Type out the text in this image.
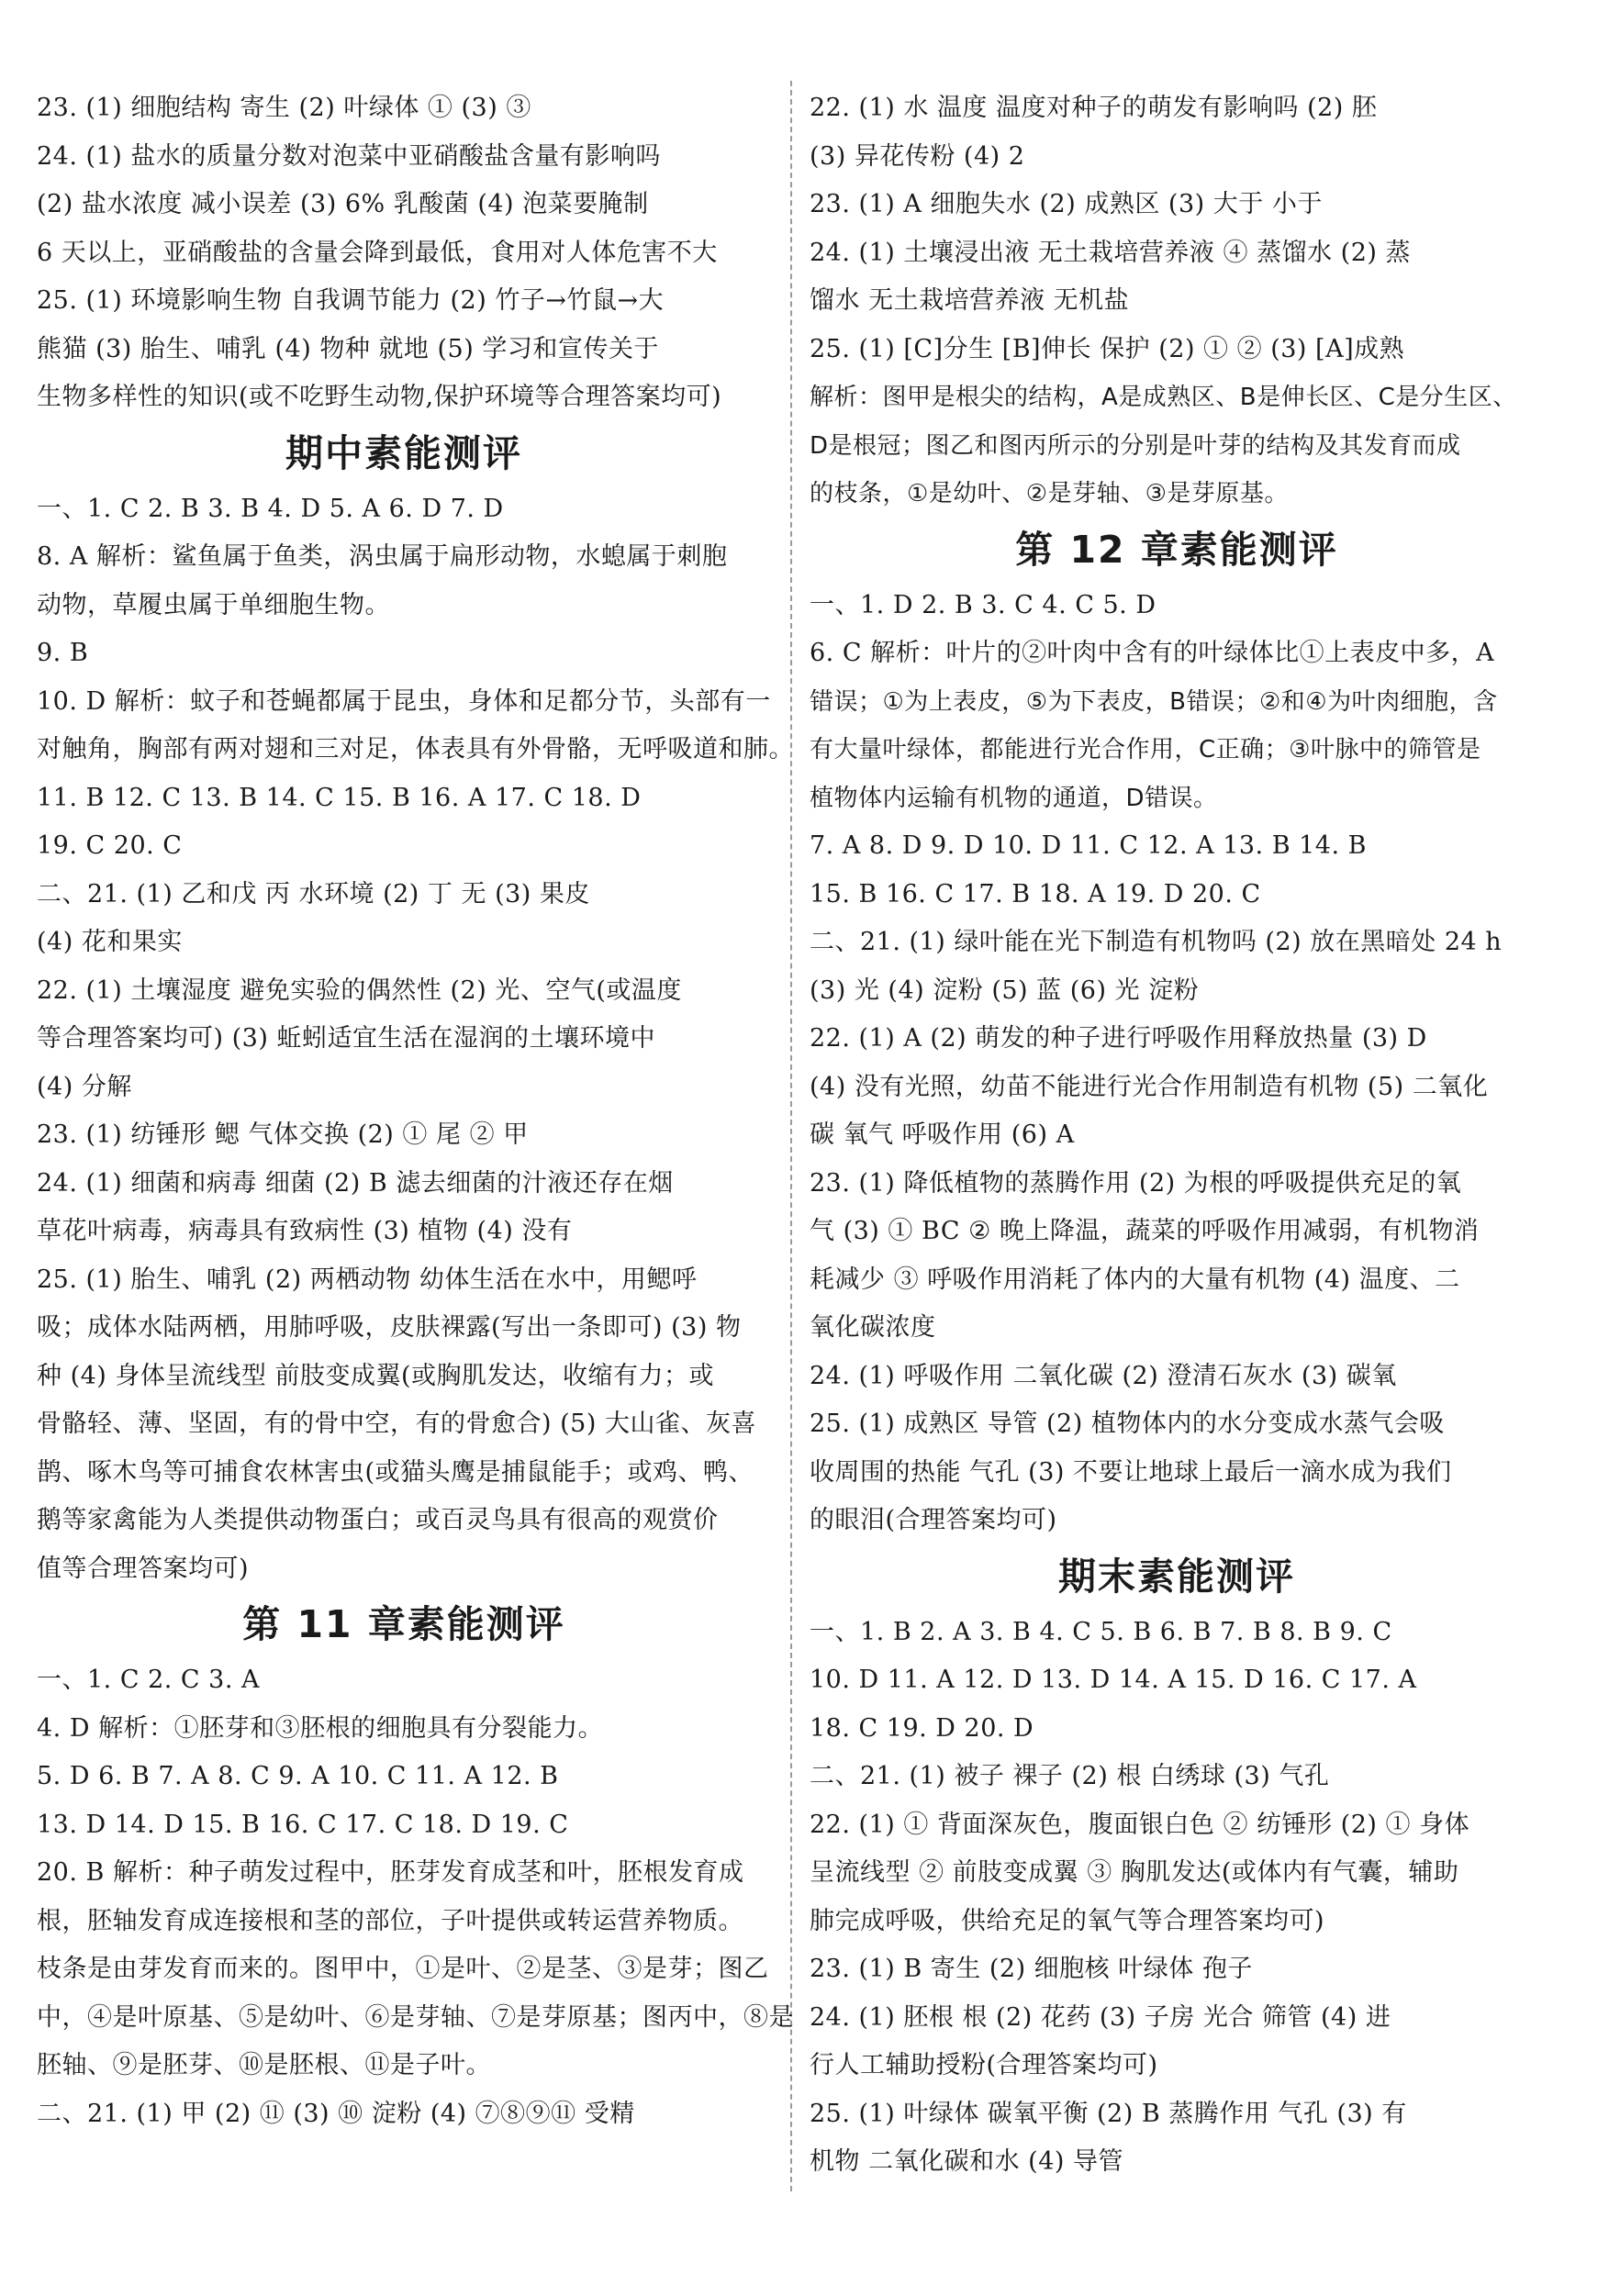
23. (1) 细胞结构 寄生 (2) 叶绿体 ① (3) ③
24. (1) 盐水的质量分数对泡菜中亚硝酸盐含量有影响吗
(2) 盐水浓度 减小误差 (3) 6% 乳酸菌 (4) 泡菜要腌制
6 天以上，亚硝酸盐的含量会降到最低，食用对人体危害不大
25. (1) 环境影响生物 自我调节能力 (2) 竹子→竹鼠→大
熊猫 (3) 胎生、哺乳 (4) 物种 就地 (5) 学习和宣传关于
生物多样性的知识(或不吃野生动物,保护环境等合理答案均可)
期中素能测评
一、1. C 2. B 3. B 4. D 5. A 6. D 7. D
8. A 解析：鲨鱼属于鱼类，涡虫属于扁形动物，水螅属于刺胞
动物，草履虫属于单细胞生物。
9. B
10. D 解析：蚊子和苍蝇都属于昆虫，身体和足都分节，头部有一
对触角，胸部有两对翅和三对足，体表具有外骨骼，无呼吸道和肺。
11. B 12. C 13. B 14. C 15. B 16. A 17. C 18. D
19. C 20. C
二、21. (1) 乙和戊 丙 水环境 (2) 丁 无 (3) 果皮
(4) 花和果实
22. (1) 土壤湿度 避免实验的偶然性 (2) 光、空气(或温度
等合理答案均可) (3) 蚯蚓适宜生活在湿润的土壤环境中
(4) 分解
23. (1) 纺锤形 鳃 气体交换 (2) ① 尾 ② 甲
24. (1) 细菌和病毒 细菌 (2) B 滤去细菌的汁液还存在烟
草花叶病毒，病毒具有致病性 (3) 植物 (4) 没有
25. (1) 胎生、哺乳 (2) 两栖动物 幼体生活在水中，用鳃呼
吸；成体水陆两栖，用肺呼吸，皮肤裸露(写出一条即可) (3) 物
种 (4) 身体呈流线型 前肢变成翼(或胸肌发达，收缩有力；或
骨骼轻、薄、坚固，有的骨中空，有的骨愈合) (5) 大山雀、灰喜
鹊、啄木鸟等可捕食农林害虫(或猫头鹰是捕鼠能手；或鸡、鸭、
鹅等家禽能为人类提供动物蛋白；或百灵鸟具有很高的观赏价
值等合理答案均可)
第 11 章素能测评
一、1. C 2. C 3. A
4. D 解析：①胚芽和③胚根的细胞具有分裂能力。
5. D 6. B 7. A 8. C 9. A 10. C 11. A 12. B
13. D 14. D 15. B 16. C 17. C 18. D 19. C
20. B 解析：种子萌发过程中，胚芽发育成茎和叶，胚根发育成
根，胚轴发育成连接根和茎的部位，子叶提供或转运营养物质。
枝条是由芽发育而来的。图甲中，①是叶、②是茎、③是芽；图乙
中，④是叶原基、⑤是幼叶、⑥是芽轴、⑦是芽原基；图丙中，⑧是
胚轴、⑨是胚芽、⑩是胚根、⑪是子叶。
二、21. (1) 甲 (2) ⑪ (3) ⑩ 淀粉 (4) ⑦⑧⑨⑪ 受精
22. (1) 水 温度 温度对种子的萌发有影响吗 (2) 胚
(3) 异花传粉 (4) 2
23. (1) A 细胞失水 (2) 成熟区 (3) 大于 小于
24. (1) 土壤浸出液 无土栽培营养液 ④ 蒸馏水 (2) 蒸
馏水 无土栽培营养液 无机盐
25. (1) [C]分生 [B]伸长 保护 (2) ① ② (3) [A]成熟
解析：图甲是根尖的结构，A是成熟区、B是伸长区、C是分生区、
D是根冠；图乙和图丙所示的分别是叶芽的结构及其发育而成
的枝条，①是幼叶、②是芽轴、③是芽原基。
第 12 章素能测评
一、1. D 2. B 3. C 4. C 5. D
6. C 解析：叶片的②叶肉中含有的叶绿体比①上表皮中多，A
错误；①为上表皮，⑤为下表皮，B错误；②和④为叶肉细胞，含
有大量叶绿体，都能进行光合作用，C正确；③叶脉中的筛管是
植物体内运输有机物的通道，D错误。
7. A 8. D 9. D 10. D 11. C 12. A 13. B 14. B
15. B 16. C 17. B 18. A 19. D 20. C
二、21. (1) 绿叶能在光下制造有机物吗 (2) 放在黑暗处 24 h
(3) 光 (4) 淀粉 (5) 蓝 (6) 光 淀粉
22. (1) A (2) 萌发的种子进行呼吸作用释放热量 (3) D
(4) 没有光照，幼苗不能进行光合作用制造有机物 (5) 二氧化
碳 氧气 呼吸作用 (6) A
23. (1) 降低植物的蒸腾作用 (2) 为根的呼吸提供充足的氧
气 (3) ① BC ② 晚上降温，蔬菜的呼吸作用减弱，有机物消
耗减少 ③ 呼吸作用消耗了体内的大量有机物 (4) 温度、二
氧化碳浓度
24. (1) 呼吸作用 二氧化碳 (2) 澄清石灰水 (3) 碳氧
25. (1) 成熟区 导管 (2) 植物体内的水分变成水蒸气会吸
收周围的热能 气孔 (3) 不要让地球上最后一滴水成为我们
的眼泪(合理答案均可)
期末素能测评
一、1. B 2. A 3. B 4. C 5. B 6. B 7. B 8. B 9. C
10. D 11. A 12. D 13. D 14. A 15. D 16. C 17. A
18. C 19. D 20. D
二、21. (1) 被子 裸子 (2) 根 白绣球 (3) 气孔
22. (1) ① 背面深灰色，腹面银白色 ② 纺锤形 (2) ① 身体
呈流线型 ② 前肢变成翼 ③ 胸肌发达(或体内有气囊，辅助
肺完成呼吸，供给充足的氧气等合理答案均可)
23. (1) B 寄生 (2) 细胞核 叶绿体 孢子
24. (1) 胚根 根 (2) 花药 (3) 子房 光合 筛管 (4) 进
行人工辅助授粉(合理答案均可)
25. (1) 叶绿体 碳氧平衡 (2) B 蒸腾作用 气孔 (3) 有
机物 二氧化碳和水 (4) 导管
